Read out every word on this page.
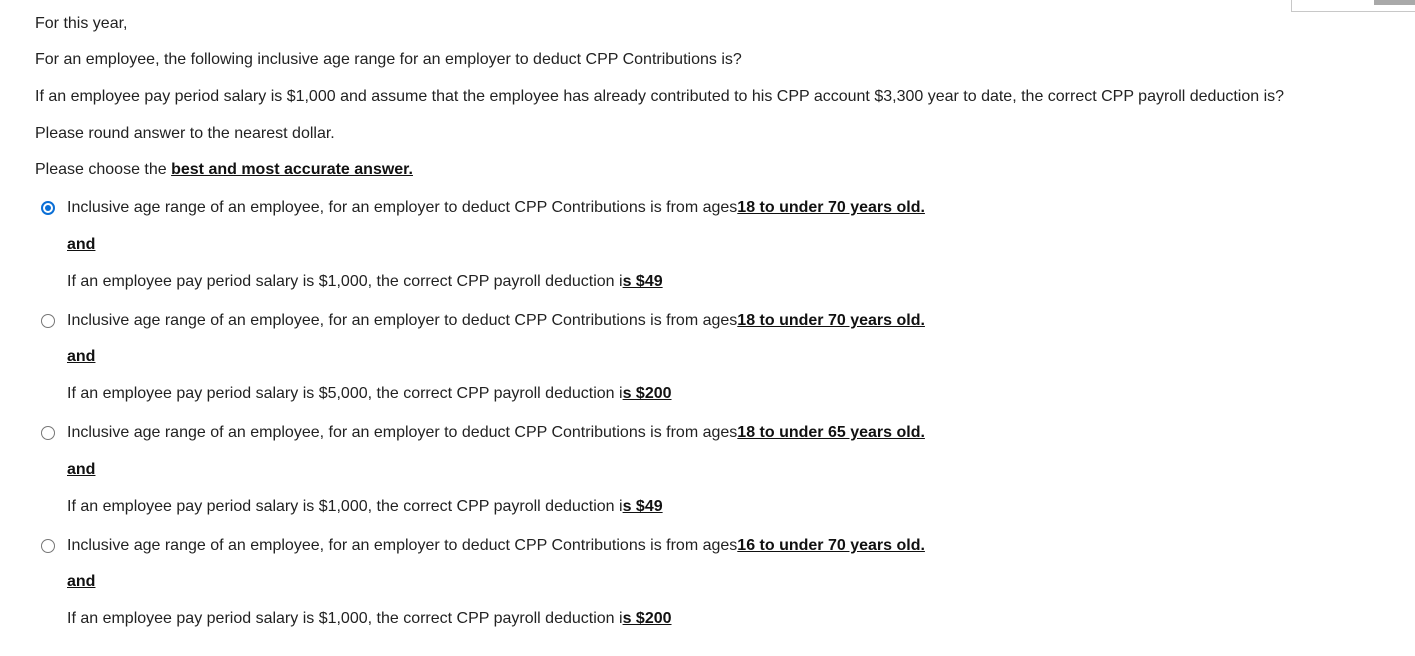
For this year,
For an employee, the following inclusive age range for an employer to deduct CPP Contributions is?
If an employee pay period salary is $1,000 and assume that the employee has already contributed to his CPP account $3,300 year to date, the correct CPP payroll deduction is?
Please round answer to the nearest dollar.
Please choose the best and most accurate answer.
Inclusive age range of an employee, for an employer to deduct CPP Contributions is from ages 18 to under 70 years old.
and
If an employee pay period salary is $1,000, the correct CPP payroll deduction is $49
Inclusive age range of an employee, for an employer to deduct CPP Contributions is from ages 18 to under 70 years old.
and
If an employee pay period salary is $5,000, the correct CPP payroll deduction is $200
Inclusive age range of an employee, for an employer to deduct CPP Contributions is from ages 18 to under 65 years old.
and
If an employee pay period salary is $1,000, the correct CPP payroll deduction is $49
Inclusive age range of an employee, for an employer to deduct CPP Contributions is from ages 16 to under 70 years old.
and
If an employee pay period salary is $1,000, the correct CPP payroll deduction is $200
